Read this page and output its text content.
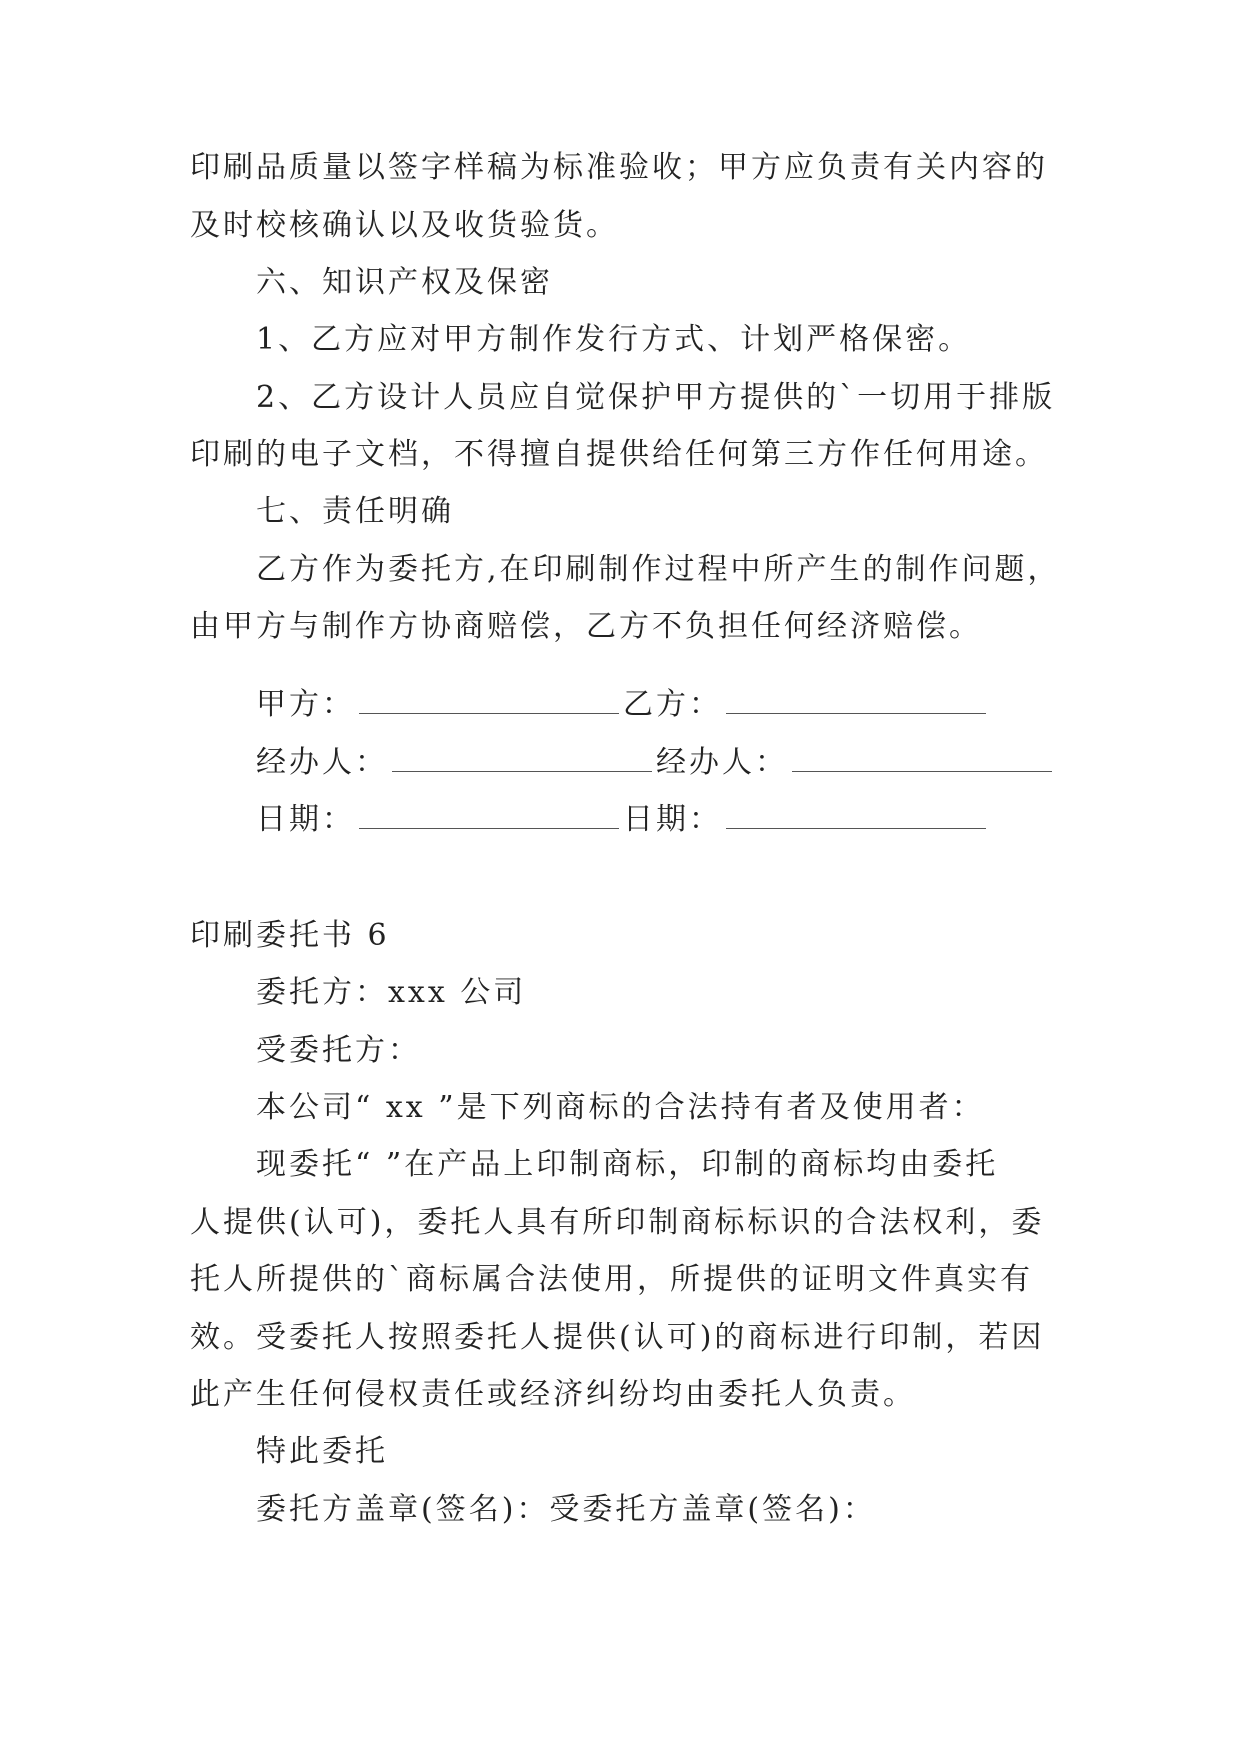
印刷品质量以签字样稿为标准验收；甲方应负责有关内容的
及时校核确认以及收货验货。
六、知识产权及保密
1、乙方应对甲方制作发行方式、计划严格保密。
2、乙方设计人员应自觉保护甲方提供的`一切用于排版
印刷的电子文档，不得擅自提供给任何第三方作任何用途。
七、责任明确
乙方作为委托方,在印刷制作过程中所产生的制作问题，
由甲方与制作方协商赔偿，乙方不负担任何经济赔偿。
甲方：	乙方：
经办人：	经办人：
日期：	日期：
印刷委托书 6
委托方：xxx 公司
受委托方：
本公司“ xx ”是下列商标的合法持有者及使用者：
现委托“ ”在产品上印制商标，印制的商标均由委托
人提供(认可)，委托人具有所印制商标标识的合法权利，委
托人所提供的`商标属合法使用，所提供的证明文件真实有
效。受委托人按照委托人提供(认可)的商标进行印制，若因
此产生任何侵权责任或经济纠纷均由委托人负责。
特此委托
委托方盖章(签名)：受委托方盖章(签名)：
